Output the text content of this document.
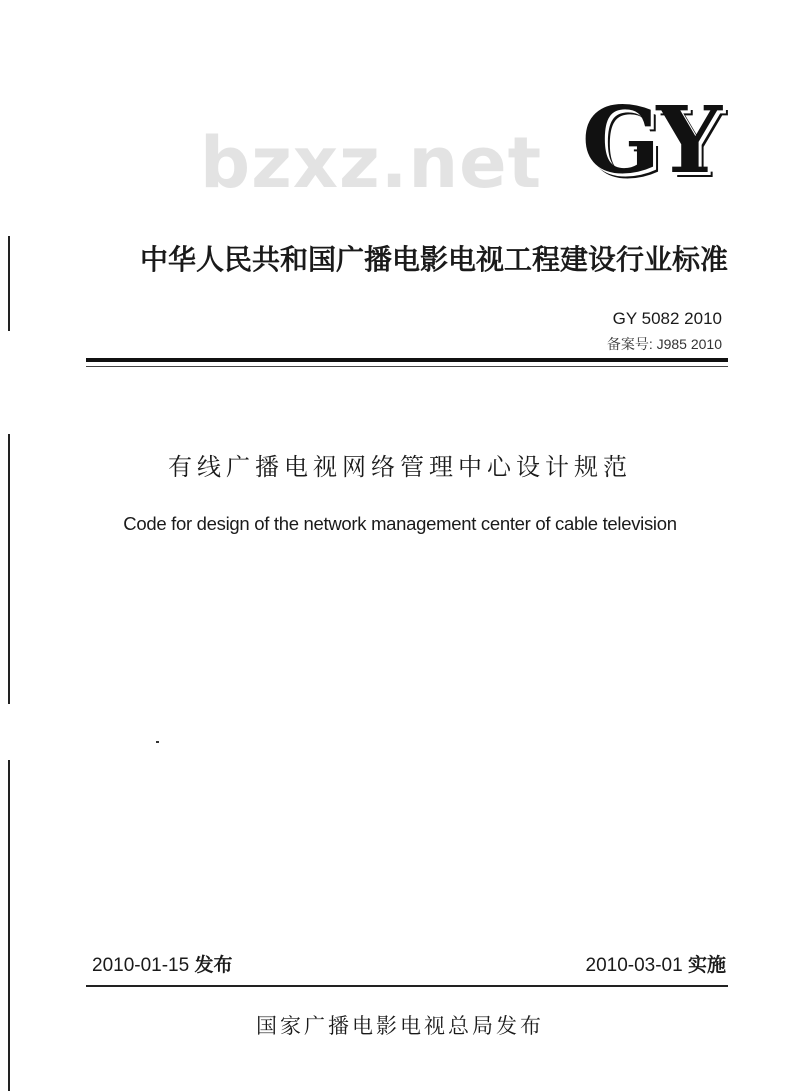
bzxz.net GY
中华人民共和国广播电影电视工程建设行业标准
GY 5082 2010
备案号: J985 2010
有线广播电视网络管理中心设计规范
Code for design of the network management center of cable television
2010-01-15 发布	2010-03-01 实施
国家广播电影电视总局发布
